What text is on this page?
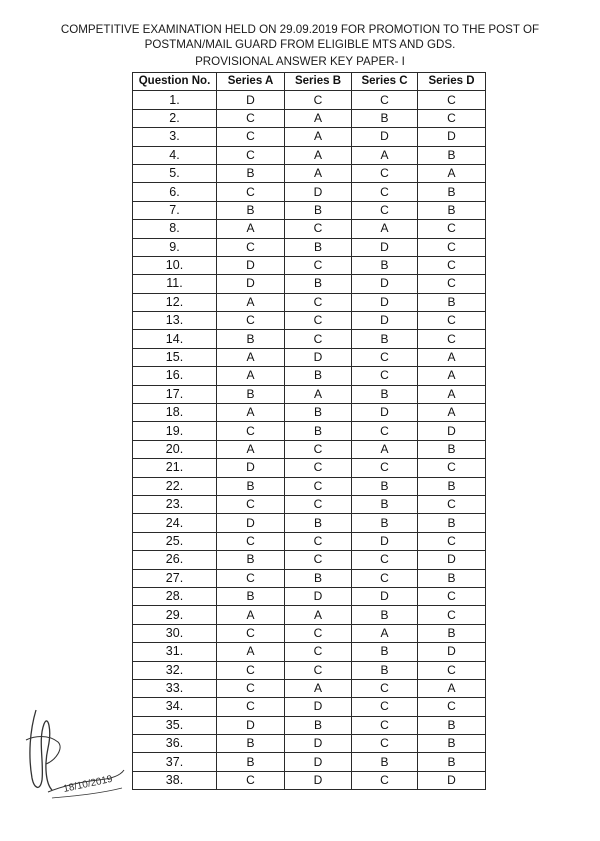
COMPETITIVE EXAMINATION HELD ON 29.09.2019 FOR PROMOTION TO THE POST OF
POSTMAN/MAIL GUARD FROM ELIGIBLE MTS AND GDS.
PROVISIONAL ANSWER KEY PAPER- I
Question No.	Series A	Series B	Series C	Series D
1.	D	C	C	C
2.	C	A	B	C
3.	C	A	D	D
4.	C	A	A	B
5.	B	A	C	A
6.	C	D	C	B
7.	B	B	C	B
8.	A	C	A	C
9.	C	B	D	C
10.	D	C	B	C
11.	D	B	D	C
12.	A	C	D	B
13.	C	C	D	C
14.	B	C	B	C
15.	A	D	C	A
16.	A	B	C	A
17.	B	A	B	A
18.	A	B	D	A
19.	C	B	C	D
20.	A	C	A	B
21.	D	C	C	C
22.	B	C	B	B
23.	C	C	B	C
24.	D	B	B	B
25.	C	C	D	C
26.	B	C	C	D
27.	C	B	C	B
28.	B	D	D	C
29.	A	A	B	C
30.	C	C	A	B
31.	A	C	B	D
32.	C	C	B	C
33.	C	A	C	A
34.	C	D	C	C
35.	D	B	C	B
36.	B	D	C	B
37.	B	D	B	B
38.	C	D	C	D
18/10/2019
